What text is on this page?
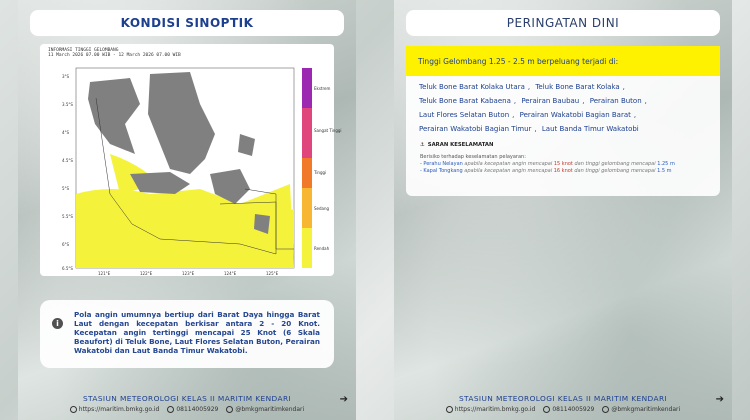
KONDISI SINOPTIK
INFORMASI TINGGI GELOMBANG
11 March 2026 07.00 WIB - 12 March 2026 07.00 WIB
Ekstrem
Sangat Tinggi
Tinggi
Sedang
Rendah
3°S
3.5°S
4°S
4.5°S
5°S
5.5°S
6°S
6.5°S
121°E	122°E	123°E	124°E	125°E
i
Pola angin umumnya bertiup dari Barat Daya hingga Barat Laut dengan kecepatan berkisar antara 2 - 20 Knot. Kecepatan angin tertinggi mencapai 25 Knot (6 Skala Beaufort) di Teluk Bone, Laut Flores Selatan Buton, Perairan Wakatobi dan Laut Banda Timur Wakatobi.
STASIUN METEOROLOGI KELAS II MARITIM KENDARI
https://maritim.bmkg.go.id	08114005929	@bmkgmaritimkendari
➔
PERINGATAN DINI
Tinggi Gelombang 1.25 - 2.5 m berpeluang terjadi di:
Teluk Bone Barat Kolaka Utara , Teluk Bone Barat Kolaka ,
Teluk Bone Barat Kabaena , Perairan Baubau , Perairan Buton ,
Laut Flores Selatan Buton , Perairan Wakatobi Bagian Barat ,
Perairan Wakatobi Bagian Timur , Laut Banda Timur Wakatobi
⚓ SARAN KESELAMATAN
Berisiko terhadap keselamatan pelayaran:
- Perahu Nelayan apabila kecepatan angin mencapai 15 knot dan tinggi gelombang mencapai 1.25 m
- Kapal Tongkang apabila kecepatan angin mencapai 16 knot dan tinggi gelombang mencapai 1.5 m
STASIUN METEOROLOGI KELAS II MARITIM KENDARI
https://maritim.bmkg.go.id	08114005929	@bmkgmaritimkendari
➔
